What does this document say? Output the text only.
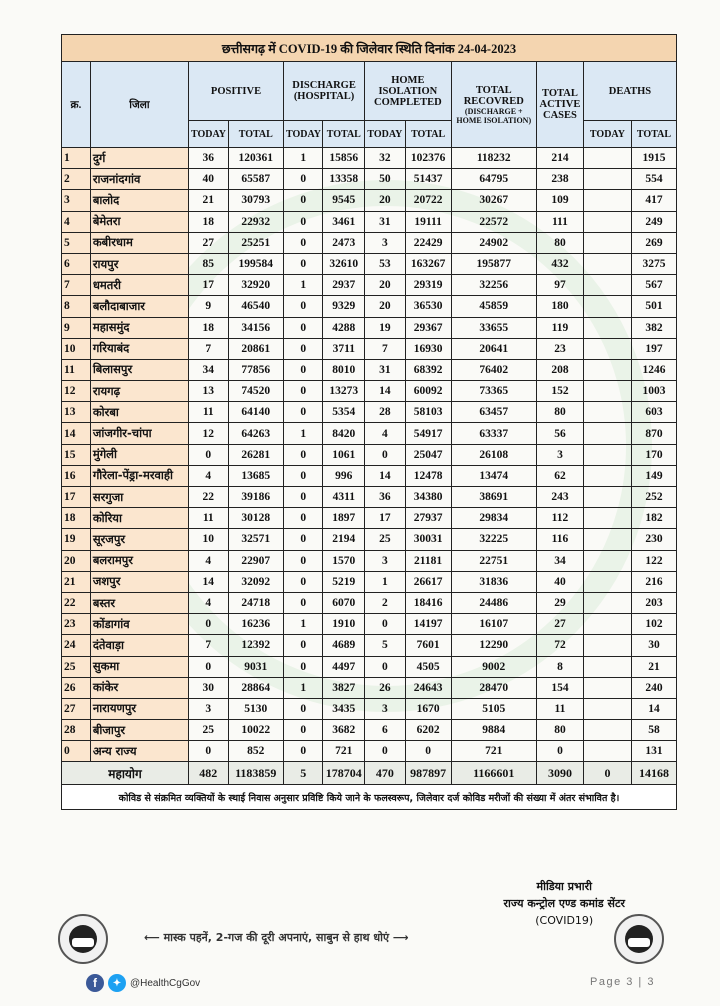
छत्तीसगढ़ में COVID-19 की जिलेवार स्थिति दिनांक 24-04-2023											
क्र.	जिला	POSITIVE		DISCHARGE (HOSPITAL)		HOME ISOLATION COMPLETED		TOTAL RECOVRED
(DISCHARGE + HOME ISOLATION)	TOTAL ACTIVE CASES	DEATHS	
		TODAY	TOTAL	TODAY	TOTAL	TODAY	TOTAL			TODAY	TOTAL
1	दुर्ग	36	120361	1	15856	32	102376	118232	214		1915
2	राजनांदगांव	40	65587	0	13358	50	51437	64795	238		554
3	बालोद	21	30793	0	9545	20	20722	30267	109		417
4	बेमेतरा	18	22932	0	3461	31	19111	22572	111		249
5	कबीरधाम	27	25251	0	2473	3	22429	24902	80		269
6	रायपुर	85	199584	0	32610	53	163267	195877	432		3275
7	धमतरी	17	32920	1	2937	20	29319	32256	97		567
8	बलौदाबाजार	9	46540	0	9329	20	36530	45859	180		501
9	महासमुंद	18	34156	0	4288	19	29367	33655	119		382
10	गरियाबंद	7	20861	0	3711	7	16930	20641	23		197
11	बिलासपुर	34	77856	0	8010	31	68392	76402	208		1246
12	रायगढ़	13	74520	0	13273	14	60092	73365	152		1003
13	कोरबा	11	64140	0	5354	28	58103	63457	80		603
14	जांजगीर-चांपा	12	64263	1	8420	4	54917	63337	56		870
15	मुंगेली	0	26281	0	1061	0	25047	26108	3		170
16	गौरेला-पेंड्रा-मरवाही	4	13685	0	996	14	12478	13474	62		149
17	सरगुजा	22	39186	0	4311	36	34380	38691	243		252
18	कोरिया	11	30128	0	1897	17	27937	29834	112		182
19	सूरजपुर	10	32571	0	2194	25	30031	32225	116		230
20	बलरामपुर	4	22907	0	1570	3	21181	22751	34		122
21	जशपुर	14	32092	0	5219	1	26617	31836	40		216
22	बस्तर	4	24718	0	6070	2	18416	24486	29		203
23	कोंडागांव	0	16236	1	1910	0	14197	16107	27		102
24	दंतेवाड़ा	7	12392	0	4689	5	7601	12290	72		30
25	सुकमा	0	9031	0	4497	0	4505	9002	8		21
26	कांकेर	30	28864	1	3827	26	24643	28470	154		240
27	नारायणपुर	3	5130	0	3435	3	1670	5105	11		14
28	बीजापुर	25	10022	0	3682	6	6202	9884	80		58
0	अन्य राज्य	0	852	0	721	0	0	721	0		131
महायोग		482	1183859	5	178704	470	987897	1166601	3090	0	14168
कोविड से संक्रमित व्यक्तियों के स्थाई निवास अनुसार प्रविष्टि किये जाने के फलस्वरूप, जिलेवार दर्ज कोविड मरीजों की संख्या में अंतर संभावित है।											
मीडिया प्रभारी
राज्य कन्ट्रोल एण्ड कमांड सेंटर
(COVID19)
⟵ मास्क पहनें, 2-गज की दूरी अपनाएं, साबुन से हाथ धोएं ⟶
f	✦ @HealthCgGov	Page 3 | 3
